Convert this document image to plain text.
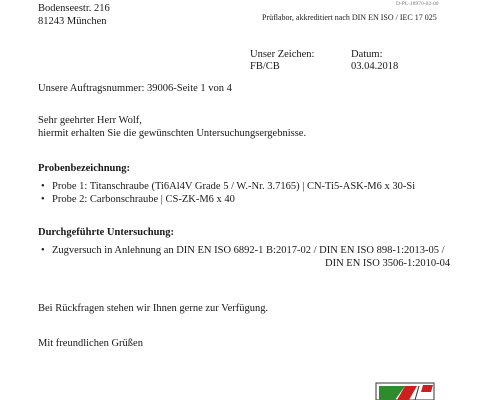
Bodenseestr. 216
81243 München
D-PL-18970-02-00
Prüflabor, akkreditiert nach DIN EN ISO / IEC 17 025
Unser Zeichen:
FB/CB
Datum:
03.04.2018
Unsere Auftragsnummer: 39006-Seite 1 von 4
Sehr geehrter Herr Wolf,
hiermit erhalten Sie die gewünschten Untersuchungsergebnisse.
Probenbezeichnung:
• Probe 1: Titanschraube (Ti6Al4V Grade 5 / W.-Nr. 3.7165) | CN-Ti5-ASK-M6 x 30-Si
• Probe 2: Carbonschraube | CS-ZK-M6 x 40
Durchgeführte Untersuchung:
• Zugversuch in Anlehnung an DIN EN ISO 6892-1 B:2017-02 / DIN EN ISO 898-1:2013-05 /
DIN EN ISO 3506-1:2010-04
Bei Rückfragen stehen wir Ihnen gerne zur Verfügung.
Mit freundlichen Grüßen
